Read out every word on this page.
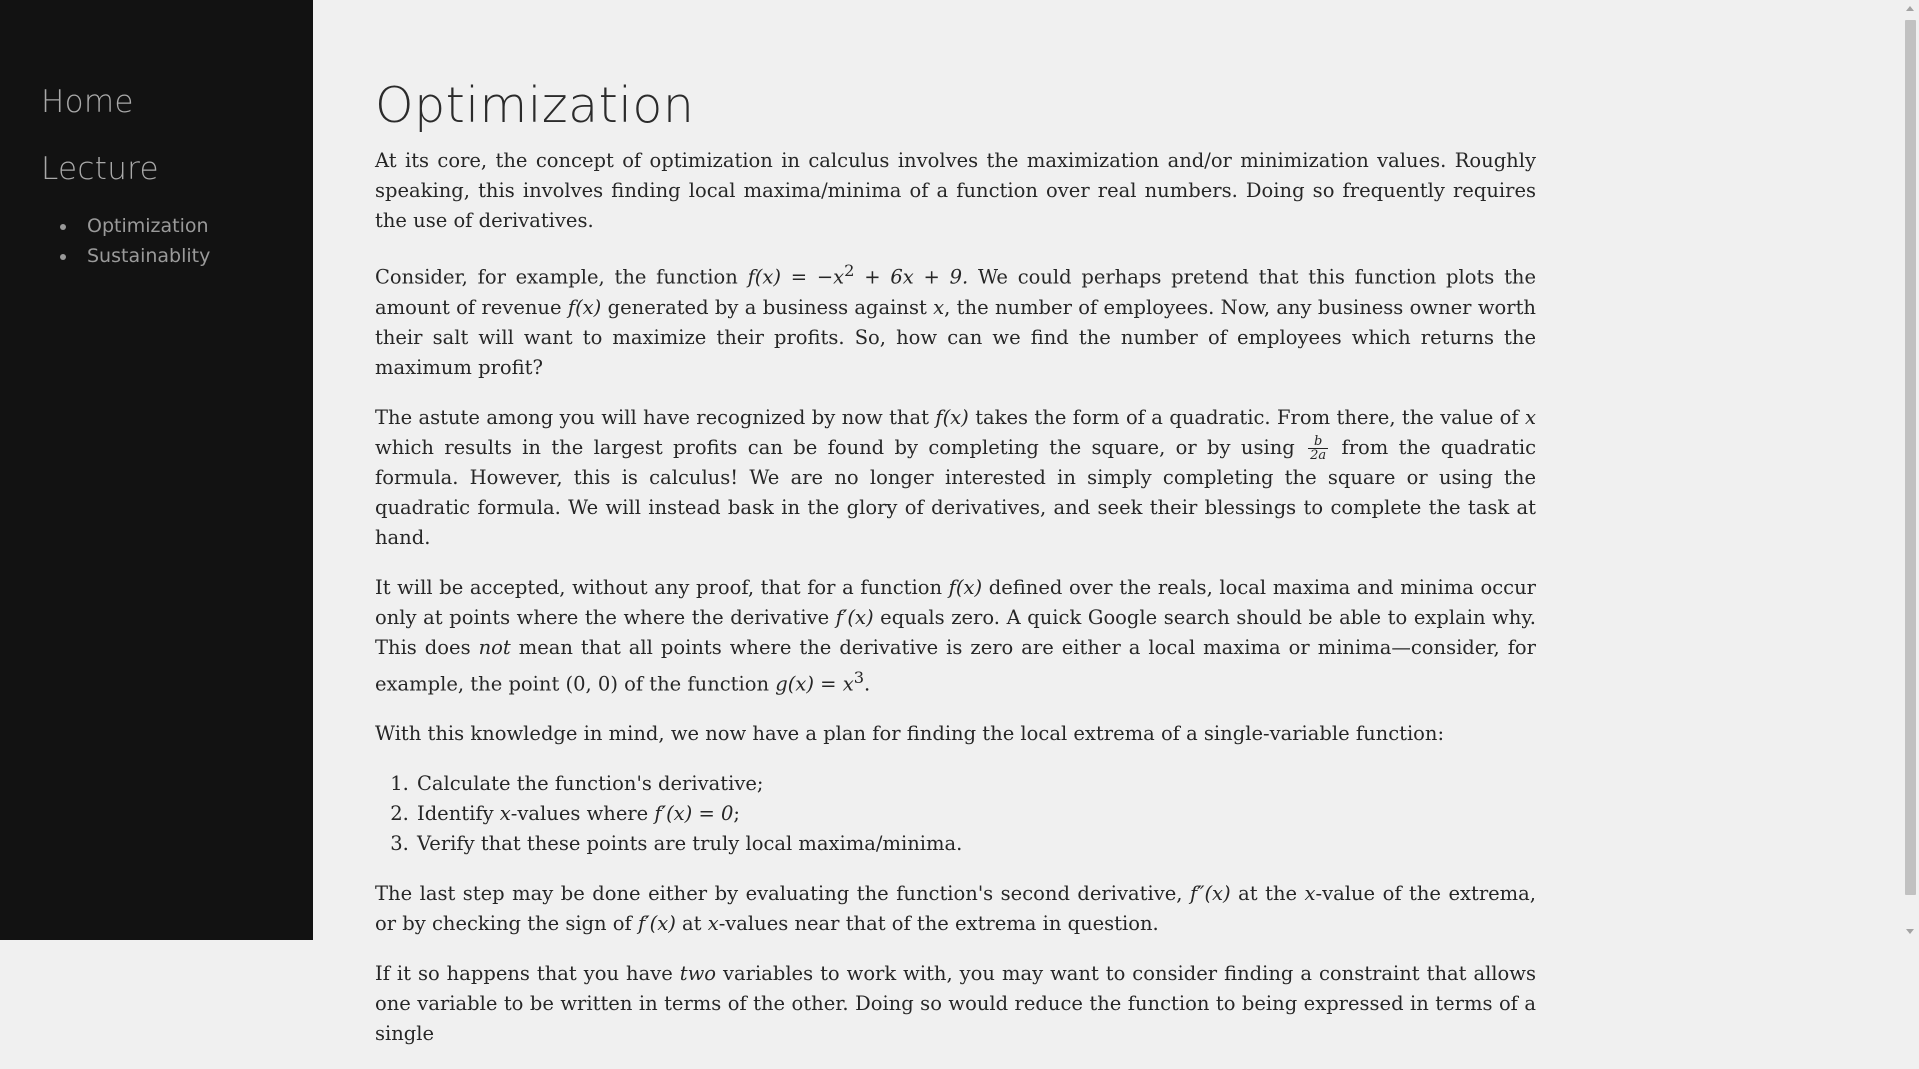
Home
Lecture
Optimization
Sustainablity
Optimization

At its core, the concept of optimization in calculus involves the maximization and/or minimization values. Roughly speaking, this involves finding local maxima/minima of a function over real numbers. Doing so frequently requires the use of derivatives.

Consider, for example, the function $f(x) = -x^2 + 6x + 9$. We could perhaps pretend that this function plots the amount of revenue f(x) generated by a business against x, the number of employees. Now, any business owner worth their salt will want to maximize their profits. So, how can we find the number of employees which returns the maximum profit?

The astute among you will have recognized by now that f(x) takes the form of a quadratic. From there, the value of x which results in the largest profits can be found by completing the square, or by using $\frac{b}{2a}$ from the quadratic formula. However, this is calculus! We are no longer interested in simply completing the square or using the quadratic formula. We will instead bask in the glory of derivatives, and seek their blessings to complete the task at hand.

It will be accepted, without any proof, that for a function f(x) defined over the reals, local maxima and minima occur only at points where the where the derivative f′(x) equals zero. A quick Google search should be able to explain why. This does not mean that all points where the derivative is zero are either a local maxima or minima—consider, for example, the point (0, 0) of the function $g(x) = x^3$.

With this knowledge in mind, we now have a plan for finding the local extrema of a single-variable function:

1. Calculate the function's derivative;
2. Identify x-values where f′(x) = 0;
3. Verify that these points are truly local maxima/minima.

The last step may be done either by evaluating the function's second derivative, f″(x) at the x-value of the extrema, or by checking the sign of f′(x) at x-values near that of the extrema in question.

If it so happens that you have two variables to work with, you may want to consider finding a constraint that allows one variable to be written in terms of the other. Doing so would reduce the function to being expressed in terms of a single
